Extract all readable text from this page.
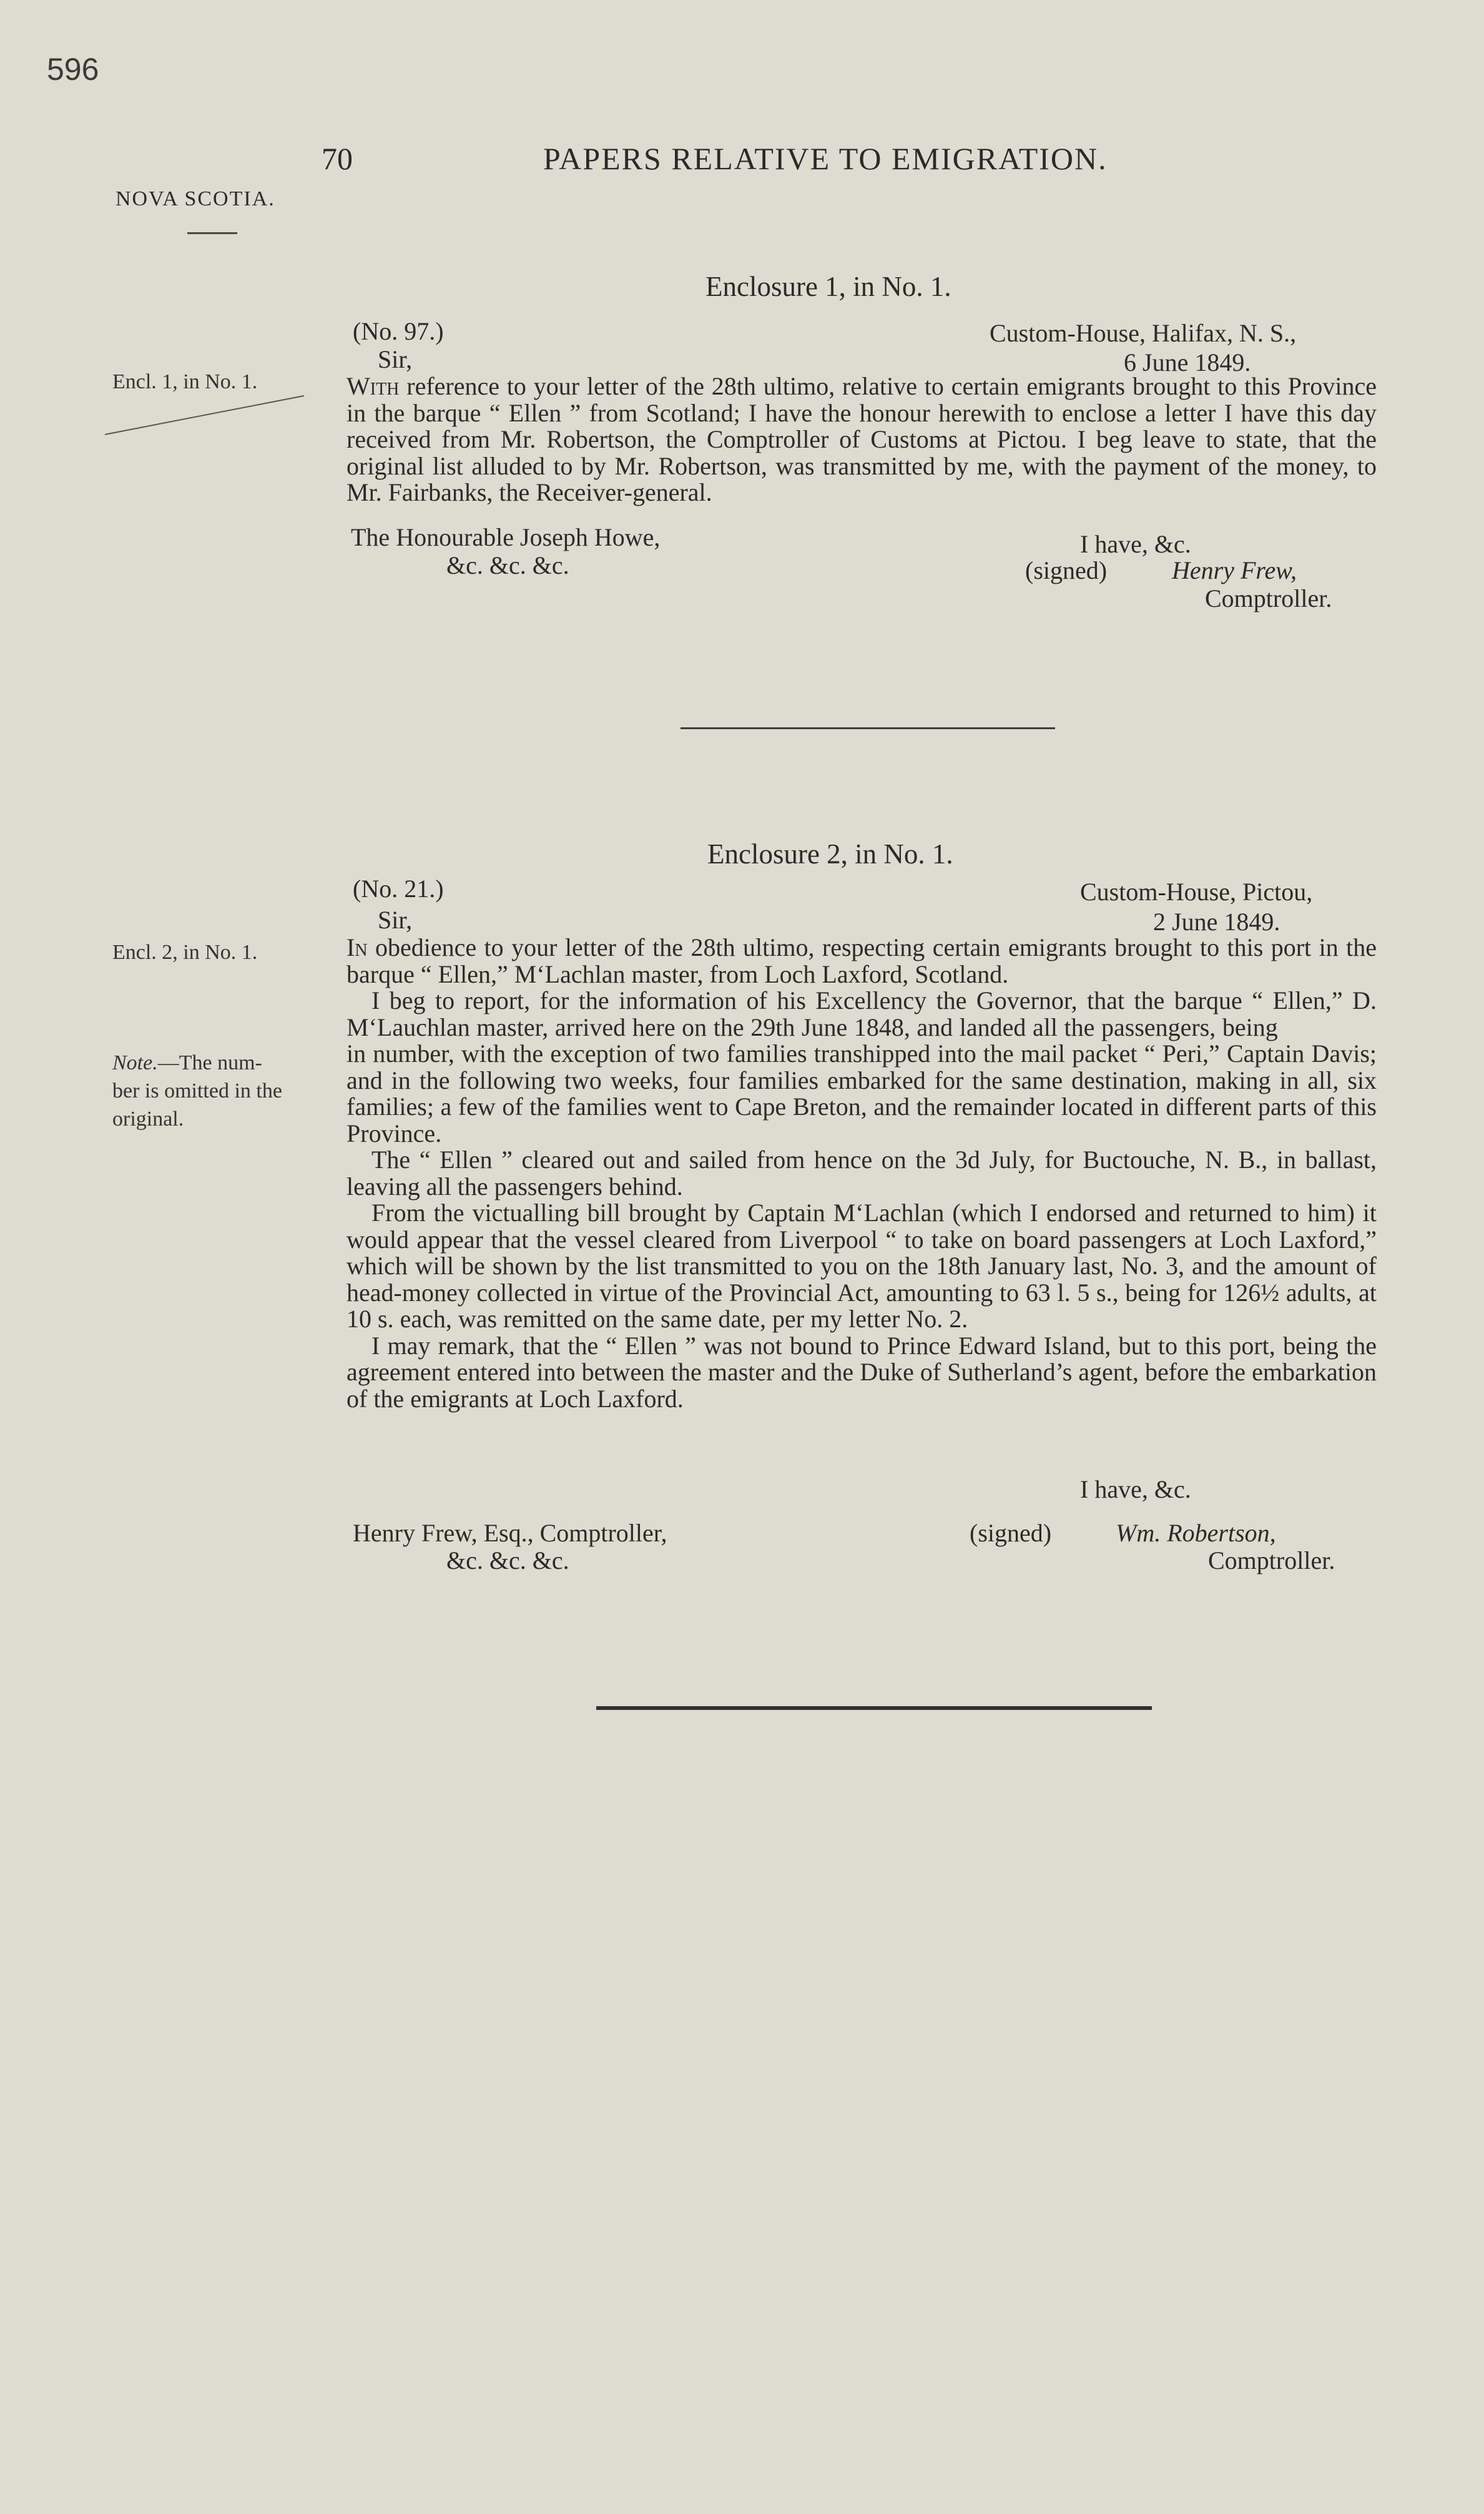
596
70	PAPERS RELATIVE TO EMIGRATION.
NOVA SCOTIA.
Encl. 1, in No. 1.
Encl. 2, in No. 1.
Note.—The num-
ber is omitted in the
original.
Enclosure 1, in No. 1.
(No. 97.)	Custom-House, Halifax, N. S.,
Sir,	6 June 1849.

With reference to your letter of the 28th ultimo, relative to certain emigrants brought to this Province in the barque “ Ellen ” from Scotland; I have the honour herewith to enclose a letter I have this day received from Mr. Robertson, the Comptroller of Customs at Pictou. I beg leave to state, that the original list alluded to by Mr. Robertson, was transmitted by me, with the payment of the money, to Mr. Fairbanks, the Receiver-general.

The Honourable Joseph Howe,
&c. &c. &c.
I have, &c.
(signed)	Henry Frew,
Comptroller.
Enclosure 2, in No. 1.
(No. 21.)	Custom-House, Pictou,
Sir,	2 June 1849.

In obedience to your letter of the 28th ultimo, respecting certain emigrants brought to this port in the barque “ Ellen,” M‘Lachlan master, from Loch Laxford, Scotland.

I beg to report, for the information of his Excellency the Governor, that the barque “ Ellen,” D. M‘Lauchlan master, arrived here on the 29th June 1848, and landed all the passengers, being                in number, with the exception of two families transhipped into the mail packet “ Peri,” Captain Davis; and in the following two weeks, four families embarked for the same destination, making in all, six families; a few of the families went to Cape Breton, and the remainder located in different parts of this Province.

The “ Ellen ” cleared out and sailed from hence on the 3d July, for Buctouche, N. B., in ballast, leaving all the passengers behind.

From the victualling bill brought by Captain M‘Lachlan (which I endorsed and returned to him) it would appear that the vessel cleared from Liverpool “ to take on board passengers at Loch Laxford,” which will be shown by the list transmitted to you on the 18th January last, No. 3, and the amount of head-money collected in virtue of the Provincial Act, amounting to 63 l. 5 s., being for 126½ adults, at 10 s. each, was remitted on the same date, per my letter No. 2.

I may remark, that the “ Ellen ” was not bound to Prince Edward Island, but to this port, being the agreement entered into between the master and the Duke of Sutherland’s agent, before the embarkation of the emigrants at Loch Laxford.

I have, &c.
Henry Frew, Esq., Comptroller,
&c. &c. &c.
(signed)	Wm. Robertson,
Comptroller.
